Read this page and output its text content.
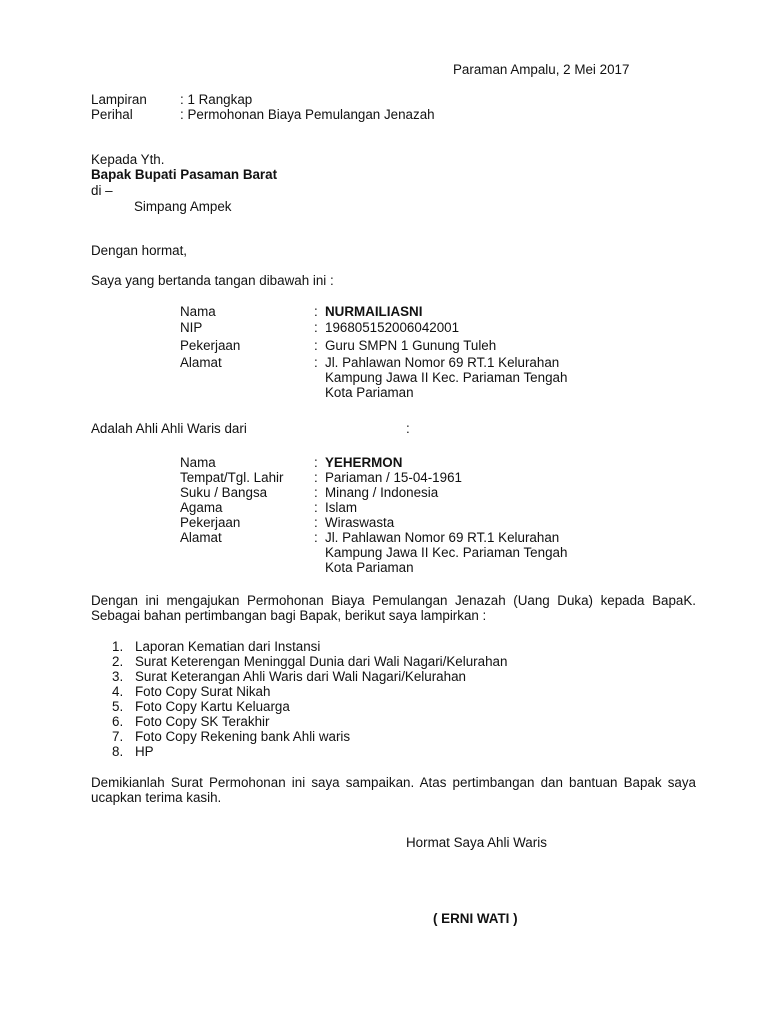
Paraman Ampalu, 2 Mei 2017
Lampiran : 1 Rangkap
Perihal	: Permohonan Biaya Pemulangan Jenazah
Kepada Yth.
Bapak Bupati Pasaman Barat
di –
Simpang Ampek
Dengan hormat,
Saya yang bertanda tangan dibawah ini :
Nama	: NURMAILIASNI
NIP	: 196805152006042001
Pekerjaan	: Guru SMPN 1 Gunung Tuleh
Alamat	: Jl. Pahlawan Nomor 69 RT.1 Kelurahan
Kampung Jawa II Kec. Pariaman Tengah
Kota Pariaman
Adalah Ahli Ahli Waris dari	:
Nama	: YEHERMON
Tempat/Tgl. Lahir : Pariaman / 15-04-1961
Suku / Bangsa	: Minang / Indonesia
Agama	: Islam
Pekerjaan	: Wiraswasta
Alamat	: Jl. Pahlawan Nomor 69 RT.1 Kelurahan
Kampung Jawa II Kec. Pariaman Tengah
Kota Pariaman
Dengan ini mengajukan Permohonan Biaya Pemulangan Jenazah (Uang Duka) kepada BapaK. Sebagai bahan pertimbangan bagi Bapak, berikut saya lampirkan :
1. Laporan Kematian dari Instansi
2. Surat Keterengan Meninggal Dunia dari Wali Nagari/Kelurahan
3. Surat Keterangan Ahli Waris dari Wali Nagari/Kelurahan
4. Foto Copy Surat Nikah
5. Foto Copy Kartu Keluarga
6. Foto Copy SK Terakhir
7. Foto Copy Rekening bank Ahli waris
8. HP
Demikianlah Surat Permohonan ini saya sampaikan. Atas pertimbangan dan bantuan Bapak saya ucapkan terima kasih.
Hormat Saya Ahli Waris
( ERNI WATI )
